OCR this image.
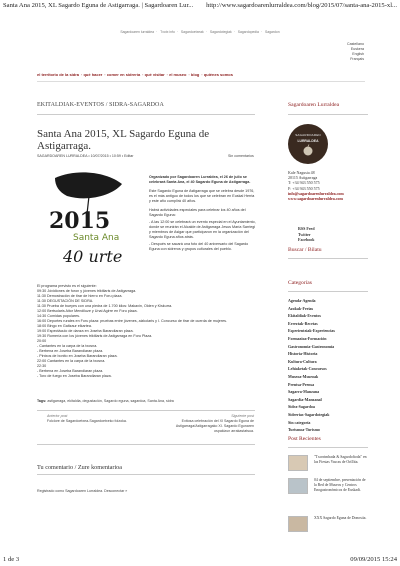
Santa Ana 2015, XL Sagardo Eguna de Astigarraga. | Sagardoaren Lur... http://www.sagardoarenlurraldea.com/blog/2015/07/santa-ana-2015-xl...
Sagardoaren lurraldea · Txotx info · Sagardoetxeak · Sagardotegiak · Sagardopedia · Sagardon
Castellano
Euskera
English
Français
el territorio de la sidra · qué hacer · comer en sidrería · qué visitar · el museo · blog · quiénes somos
EKITALDIAK-EVENTOS / SIDRA-SAGARDOA
Santa Ana 2015, XL Sagardo Eguna de Astigarraga.
SAGARDOAREN LURRALDEA • 10/07/2015 • 10:59 • Editar	Sin comentarios
2015
Santa Ana
40 urte

Organizado por Sagardoaren Lurraldea, el 26 de julio se celebrará Santa Ana, el 40 Sagardo Eguna de Astigarraga.

Este Sagardo Eguna de Astigarraga que se celebra desde 1976, es el más antiguo de todos los que se celebran en Euskal Herria y este año cumplirá 40 años.

Habrá actividades especiales para celebrar los 40 años del Sagardo Eguna:

- A las 12:00 se celebrará un evento especial en el Ayuntamiento, donde se reunirán el Alcalde de Astigarraga Jesus María Sarriegi y miembros de Asigar que participaron en la organización del Sagardo Eguna años atrás.

- Después se sacará una foto del 40 aniversario del Sagardo Eguna con sidreros y grupos culturales del pueblo.

El programa previsto es el siguiente:
09:30 Jóvidiones de foron y jóvenes triktilaris de Astigarraga.
11:30 Demostración de tirar de hierro en Foru plaza.
11:30 DEGUSTACIÓN DE SIDRA.
11:30 Prueba de bueyes con una piedra de 1.700 kilos: Makaxin, Olden y Kiskurra.
12:00 Bertsolaris Aitor Mendiluze y Unai Agirre en Foru plaza.
14:30 Comidas populares.
16:00 Deportes rurales en Foru plaza: pruebas entre jóvenes, aizkolaris y I. Concurso de tirar de cuerda de mujeres.
18:00 Bingo en Galtzaur elkartea.
19:00 Espectáculo de danza en Joseba Barandiaran plaza.
19:30 Romería con los jóvenes triktilaris de Astigarraga en Foru Plaza.
20:00
- Cantantes en la carpa de la txosna.
- Berbena en Joseba Barandiaran plaza.
- Pintxos de bonito en Joseba Barandiaran plaza.
22:00 Cantantes en la carpa de la txosna.
22:30
- Berbena en Joseba Barandiaran plaza.
- Toro de fuego en Joseba Barandiaran plaza.
Tags: astigarraga, ekitaldia, degustación, Sagardo eguna, sagardoa, Santa Ana, sidra
Anterior post
Folclore de Sagardoetxea-Sagardoetxeko folzoka.
Siguiente post
Exitosa celebración del XI Sagardo Eguna de Astigarraga/Astigarragako XI. Sagardo Egunaren ospakizun arrakastatsua.
Tu comentario / Zure komentarioa
Registrado como Sagardoaren Lurraldea. Desconectar »
Sagardoaren Lurraldea
SAGARDOAREN
LURRALDEA
Kale Nagusia 48
20115 Astigarraga
T: +34 943 550 575
F: +34 943 550 575
info@sagardoarenlurraldea.com
www.sagardoarenlurraldea.com
RSS Feed
Twitter
Facebook
Buscar / Bilatu
Categorías
Agenda-Agenda
Azokak-Ferias
Ekitaldiak-Eventos
Erreztak-Recetas
Esperientziak-Experiencias
Formazioa-Formación
Gastronomia-Gastronomía
Historia-Historia
Kultura-Cultura
Lehiaketak-Concursos
Museoa-Museoak
Prentsa-Prensa
Sagarra-Manzana
Sagardia-Manzanal
Sidra-Sagardoa
Sidrerías-Sagardotegiak
Sin categoría
Turismoa-Turismo
Post Recientes
"Txorrimbada & Sagardoftoda" en las Fiestas Vascas de Orillita.
04 de septiembre, presentación de la Red de Museos y Centros Enogastronómicos de Euskadi.
XXX Sagardo Eguna de Donostia.
1 de 3	09/09/2015 15:24
